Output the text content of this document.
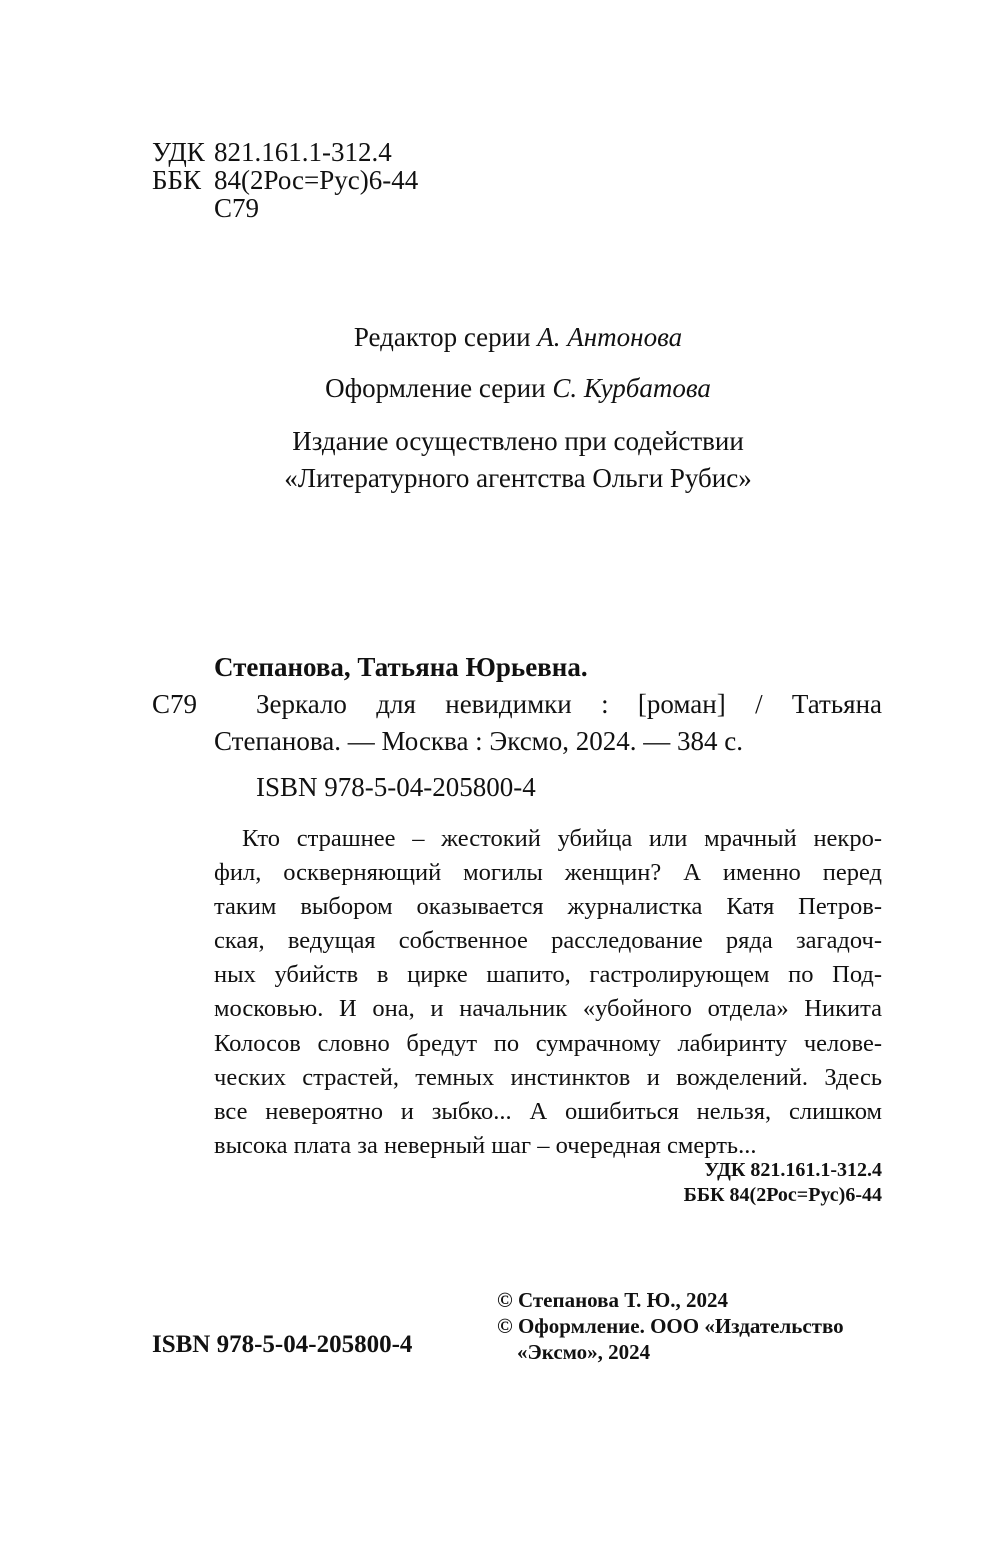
УДК 821.161.1-312.4
ББК 84(2Рос=Рус)6-44
С79
Редактор серии А. Антонова
Оформление серии С. Курбатова
Издание осуществлено при содействии
«Литературного агентства Ольги Рубис»
Степанова, Татьяна Юрьевна.
С79 Зеркало для невидимки : [роман] / Татьяна
Степанова. — Москва : Эксмо, 2024. — 384 с.
ISBN 978-5-04-205800-4
Кто страшнее – жестокий убийца или мрачный некро-
фил, оскверняющий могилы женщин? А именно перед
таким выбором оказывается журналистка Катя Петров-
ская, ведущая собственное расследование ряда загадоч-
ных убийств в цирке шапито, гастролирующем по Под-
московью. И она, и начальник «убойного отдела» Никита
Колосов словно бредут по сумрачному лабиринту челове-
ческих страстей, темных инстинктов и вожделений. Здесь
все невероятно и зыбко... А ошибиться нельзя, слишком
высока плата за неверный шаг – очередная смерть...
УДК 821.161.1-312.4
ББК 84(2Рос=Рус)6-44
© Степанова Т. Ю., 2024
© Оформление. ООО «Издательство
«Эксмо», 2024
ISBN 978-5-04-205800-4
